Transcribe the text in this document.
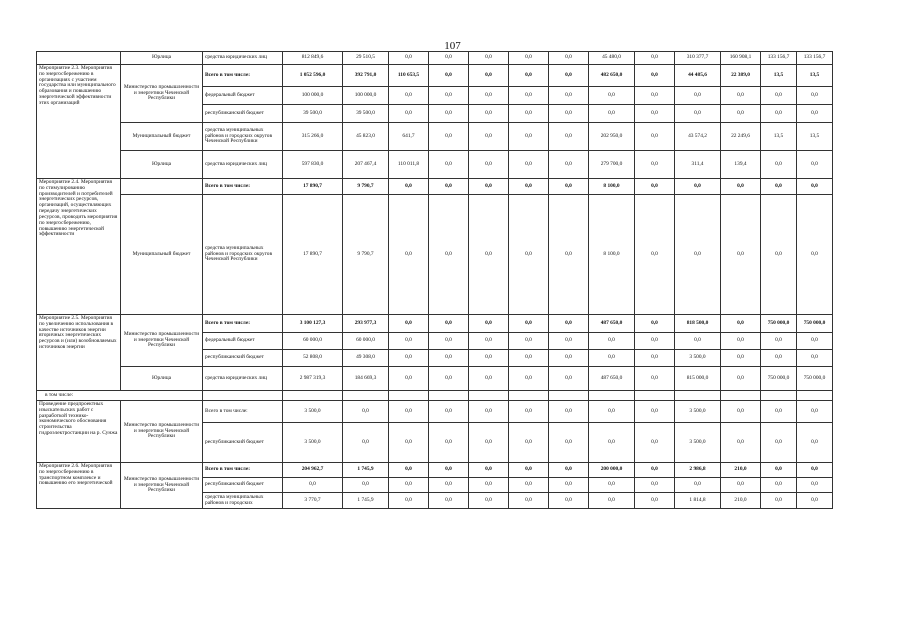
107
	Юрлица	средства юридических лиц	812 849,6	29 510,5	0,0	0,0	0,0	0,0	0,0	45 480,0	0,0	310 377,7	160 908,1	133 156,7	133 156,7
Мероприятие 2.3. Мероприятия по энергосбережению в организациях с участием государства или муниципального образования и повышению энергетической эффективности этих организаций	Министерство промышленности и энергетики Чеченской Республики	Всего в том числе:	1 052 596,0	392 791,0	110 653,5	0,0	0,0	0,0	0,0	482 650,0	0,0	44 485,6	22 389,0	13,5	13,5
		федеральный бюджет	100 000,0	100 000,0	0,0	0,0	0,0	0,0	0,0	0,0	0,0	0,0	0,0	0,0	0,0
		республиканский бюджет	39 500,0	39 500,0	0,0	0,0	0,0	0,0	0,0	0,0	0,0	0,0	0,0	0,0	0,0
	Муниципальный бюджет	средства муниципальных районов и городских округов Чеченской Республики	315 266,0	45 823,0	641,7	0,0	0,0	0,0	0,0	202 950,0	0,0	43 574,2	22 249,6	13,5	13,5
	Юрлица	средства юридических лиц	597 830,0	207 467,4	110 011,8	0,0	0,0	0,0	0,0	279 700,0	0,0	311,4	139,4	0,0	0,0
Мероприятие 2.4. Мероприятия по стимулированию производителей и потребителей энергетических ресурсов, организаций, осуществляющих передачу энергетических ресурсов, проводить мероприятия по энергосбережению, повышению энергетической эффективности		Всего в том числе:	17 890,7	9 790,7	0,0	0,0	0,0	0,0	0,0	8 100,0	0,0	0,0	0,0	0,0	0,0
	Муниципальный бюджет	средства муниципальных районов и городских округов Чеченской Республики	17 890,7	9 790,7	0,0	0,0	0,0	0,0	0,0	8 100,0	0,0	0,0	0,0	0,0	0,0
Мероприятие 2.5. Мероприятия по увеличению использования в качестве источников энергии вторичных энергетических ресурсов и (или) возобновляемых источников энергии	Министерство промышленности и энергетики Чеченской Республики	Всего в том числе:	3 100 127,3	293 977,3	0,0	0,0	0,0	0,0	0,0	487 650,0	0,0	818 500,0	0,0	750 000,0	750 000,0
		федеральный бюджет	60 000,0	60 000,0	0,0	0,0	0,0	0,0	0,0	0,0	0,0	0,0	0,0	0,0	0,0
		республиканский бюджет	52 808,0	49 308,0	0,0	0,0	0,0	0,0	0,0	0,0	0,0	3 500,0	0,0	0,0	0,0
	Юрлица	средства юридических лиц	2 987 319,3	184 669,3	0,0	0,0	0,0	0,0	0,0	487 650,0	0,0	815 000,0	0,0	750 000,0	750 000,0
в том числе:															
Проведение предпроектных изыскательских работ с разработкой технико-экономического обоснования строительства гидроэлектростанции на р. Сунжа	Министерство промышленности и энергетики Чеченской Республики	Всего в том числе:	3 500,0	0,0	0,0	0,0	0,0	0,0	0,0	0,0	0,0	3 500,0	0,0	0,0	0,0
		республиканский бюджет	3 500,0	0,0	0,0	0,0	0,0	0,0	0,0	0,0	0,0	3 500,0	0,0	0,0	0,0
Мероприятие 2.6. Мероприятия по энергосбережению в транспортном комплексе и повышению его энергетической	Министерство промышленности и энергетики Чеченской Республики	Всего в том числе:	204 962,7	1 745,9	0,0	0,0	0,0	0,0	0,0	200 000,0	0,0	2 986,8	210,0	0,0	0,0
		республиканский бюджет	0,0	0,0	0,0	0,0	0,0	0,0	0,0	0,0	0,0	0,0	0,0	0,0	0,0
		средства муниципальных районов и городских	3 770,7	1 745,9	0,0	0,0	0,0	0,0	0,0	0,0	0,0	1 814,8	210,0	0,0	0,0
